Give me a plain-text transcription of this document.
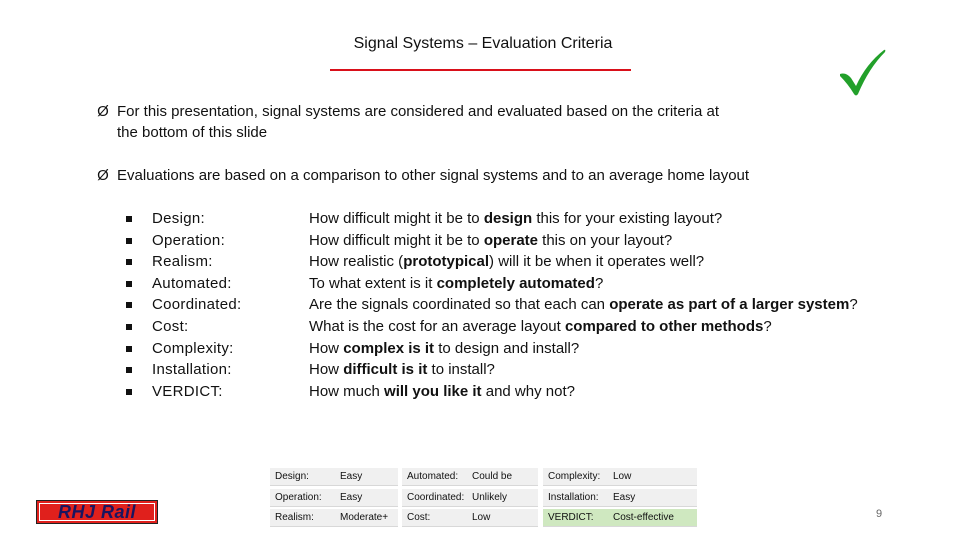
Signal Systems – Evaluation Criteria
Ø For this presentation, signal systems are considered and evaluated based on the criteria at
the bottom of this slide
Ø Evaluations are based on a comparison to other signal systems and to an average home layout
Design:	How difficult might it be to design this for your existing layout?
Operation:	How difficult might it be to operate this on your layout?
Realism:	How realistic (prototypical) will it be when it operates well?
Automated:	To what extent is it completely automated?
Coordinated:	Are the signals coordinated so that each can operate as part of a larger system?
Cost:	What is the cost for an average layout compared to other methods?
Complexity:	How complex is it to design and install?
Installation:	How difficult is it to install?
VERDICT:	How much will you like it and why not?
Design:	Easy
Operation: Easy
Realism:	Moderate+
Automated: Could be
Coordinated: Unlikely
Cost:	Low
Complexity: Low
Installation: Easy
VERDICT: Cost-effective
RHJ Rail	9
